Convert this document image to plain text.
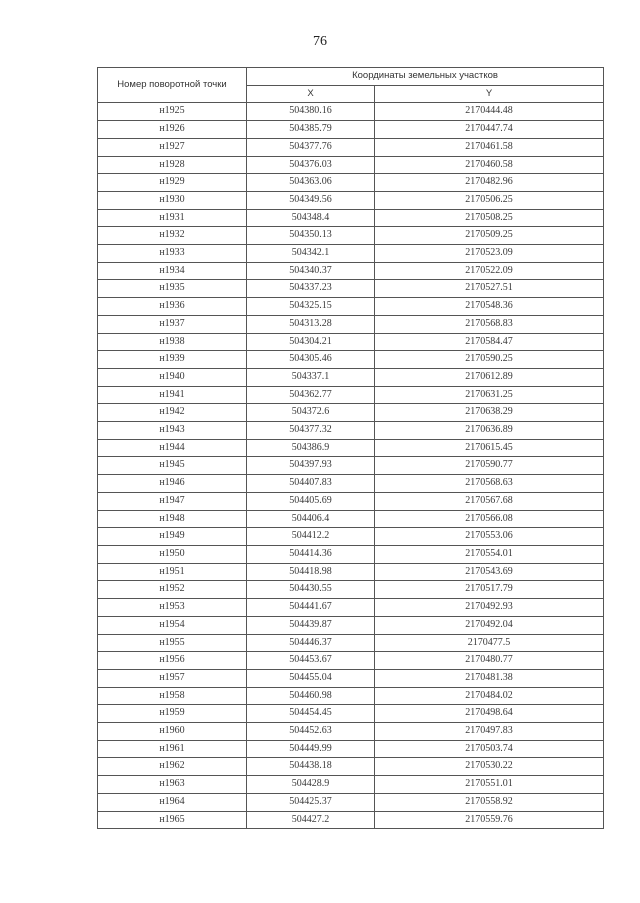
76
Номер поворотной точки	Координаты земельных участков	
	X	Y
н1925	504380.16	2170444.48
н1926	504385.79	2170447.74
н1927	504377.76	2170461.58
н1928	504376.03	2170460.58
н1929	504363.06	2170482.96
н1930	504349.56	2170506.25
н1931	504348.4	2170508.25
н1932	504350.13	2170509.25
н1933	504342.1	2170523.09
н1934	504340.37	2170522.09
н1935	504337.23	2170527.51
н1936	504325.15	2170548.36
н1937	504313.28	2170568.83
н1938	504304.21	2170584.47
н1939	504305.46	2170590.25
н1940	504337.1	2170612.89
н1941	504362.77	2170631.25
н1942	504372.6	2170638.29
н1943	504377.32	2170636.89
н1944	504386.9	2170615.45
н1945	504397.93	2170590.77
н1946	504407.83	2170568.63
н1947	504405.69	2170567.68
н1948	504406.4	2170566.08
н1949	504412.2	2170553.06
н1950	504414.36	2170554.01
н1951	504418.98	2170543.69
н1952	504430.55	2170517.79
н1953	504441.67	2170492.93
н1954	504439.87	2170492.04
н1955	504446.37	2170477.5
н1956	504453.67	2170480.77
н1957	504455.04	2170481.38
н1958	504460.98	2170484.02
н1959	504454.45	2170498.64
н1960	504452.63	2170497.83
н1961	504449.99	2170503.74
н1962	504438.18	2170530.22
н1963	504428.9	2170551.01
н1964	504425.37	2170558.92
н1965	504427.2	2170559.76
